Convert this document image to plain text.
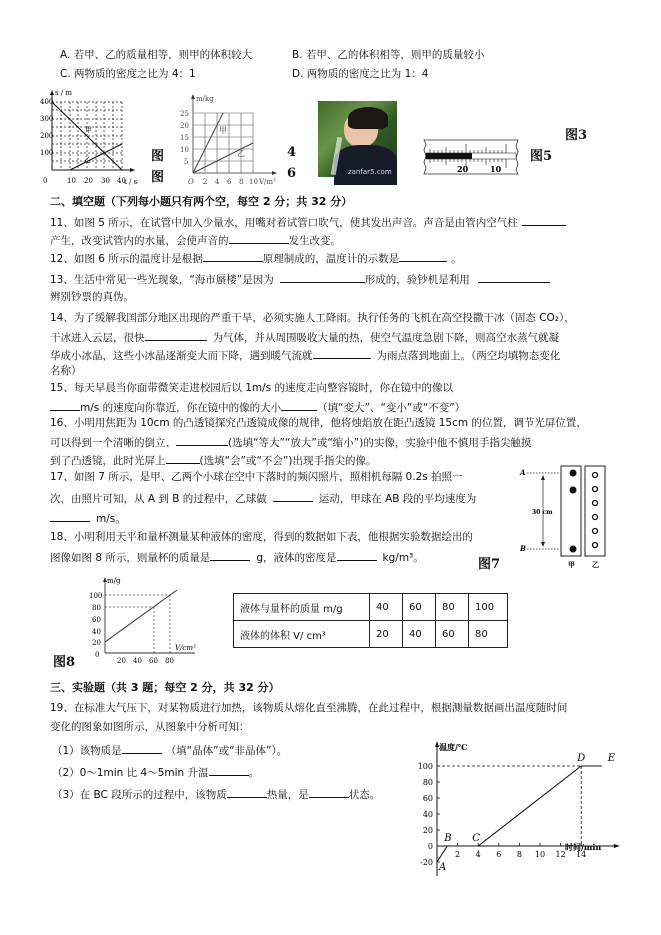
A. 若甲、乙的质量相等，则甲的体积较大	B. 若甲、乙的体积相等，则甲的质量较小
C. 两物质的密度之比为 4：1	D. 两物质的密度之比为 1：4
s / m
t / s
400
300
200
100
0	10 20 30 40
甲
乙	图
图
m/kg
V/m³
25
20
15
10
5
O 2 4 6 8 10
甲
乙	4
6	zanfar5.com	20	10
图5
图3
二、填空题（下列每小题只有两个空，每空 2 分；共 32 分）
11、如图 5 所示，在试管中加入少量水，用嘴对着试管口吹气，使其发出声音。声音是由管内空气柱
产生，改变试管内的水量，会使声音的	发生改变。
12、如图 6 所示的温度计是根据	原理制成的，温度计的示数是	。
13、生活中常见一些光现象，“海市蜃楼”是因为	形成的，验钞机是利用
辨别钞票的真伪。
14、为了缓解我国部分地区出现的严重干旱，必须实施人工降雨。执行任务的飞机在高空投撒干冰（固态 CO₂），
干冰进入云层，很快	为气体，并从周围吸收大量的热，使空气温度急剧下降，则高空水蒸气就凝
华成小冰晶，这些小冰晶逐渐变大而下降，遇到暖气流就	为雨点落到地面上。（两空均填物态变化
名称）
15、每天早晨当你面带微笑走进校园后以 1m/s 的速度走向整容镜时，你在镜中的像以
m/s 的速度向你靠近，你在镜中的像的大小	（填“变大”、“变小”或“不变”）
16、小明用焦距为 10cm 的凸透镜探究凸透镜成像的规律，他将烛焰放在距凸透镜 15cm 的位置，调节光屏位置，
可以得到一个清晰的倒立、	(选填“等大”“放大”或“缩小”)的实像，实验中他不慎用手指尖触摸
到了凸透镜，此时光屏上	(选填“会”或“不会”)出现手指尖的像。
17、如图 7 所示，是甲、乙两个小球在空中下落时的频闪照片，照相机每隔 0.2s 拍照一
次，由照片可知，从 A 到 B 的过程中，乙球做	运动，甲球在 AB 段的平均速度为
m/s。
18、小明利用天平和量杯测量某种液体的密度，得到的数据如下表，他根据实验数据绘出的
图像如图 8 所示，则量杯的质量是	g，液体的密度是	kg/m³。
A
B
30 cm
甲 乙
图7
m/g
V/cm³
100
80
60
40
20
0
20 40 60 80
图8
液体与量杯的质量 m/g	40	60	80	100
液体的体积 V/ cm³	20	40	60	80
三、实验题（共 3 题；每空 2 分，共 32 分）
19、在标准大气压下，对某物质进行加热，该物质从熔化直至沸腾，在此过程中，根据测量数据画出温度随时间
变化的图象如图所示，从图象中分析可知：
（1）该物质是	（填“晶体”或“非晶体”）。
（2）0～1min 比 4～5min 升温	。
（3）在 BC 段所示的过程中，该物质	热量，是	状态。
温度/℃
时间/min
-20
0
20
40
60
80
100
2 4 6 8 10 12 14
A
B C
D E
